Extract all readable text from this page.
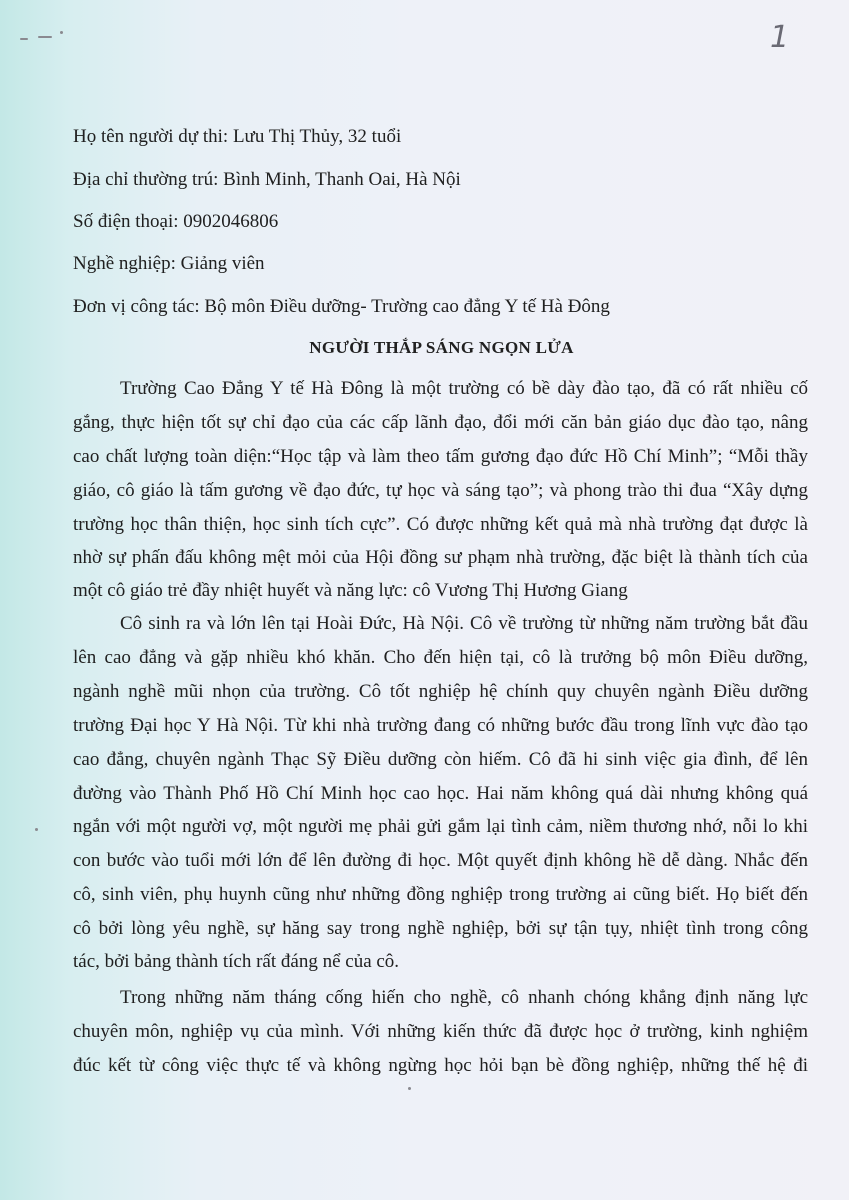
1
Họ tên người dự thi: Lưu Thị Thủy, 32 tuổi
Địa chỉ thường trú: Bình Minh, Thanh Oai, Hà Nội
Số điện thoại: 0902046806
Nghề nghiệp: Giảng viên
Đơn vị công tác: Bộ môn Điều dưỡng- Trường cao đẳng Y tế Hà Đông
NGƯỜI THẮP SÁNG NGỌN LỬA
Trường Cao Đẳng Y tế Hà Đông là một trường có bề dày đào tạo, đã có rất nhiều cố
gắng, thực hiện tốt sự chỉ đạo của các cấp lãnh đạo, đổi mới căn bản giáo dục đào tạo, nâng
cao chất lượng toàn diện:“Học tập và làm theo tấm gương đạo đức Hồ Chí Minh”; “Mỗi thầy
giáo, cô giáo là tấm gương về đạo đức, tự học và sáng tạo”; và phong trào thi đua “Xây dựng
trường học thân thiện, học sinh tích cực”. Có được những kết quả mà nhà trường đạt được là
nhờ sự phấn đấu không mệt mỏi của Hội đồng sư phạm nhà trường, đặc biệt là thành tích của
một cô giáo trẻ đầy nhiệt huyết và năng lực: cô Vương Thị Hương Giang
Cô sinh ra và lớn lên tại Hoài Đức, Hà Nội. Cô về trường từ những năm trường bắt đầu
lên cao đẳng và gặp nhiều khó khăn. Cho đến hiện tại, cô là trưởng bộ môn Điều dưỡng,
ngành nghề mũi nhọn của trường. Cô tốt nghiệp hệ chính quy chuyên ngành Điều dưỡng
trường Đại học Y Hà Nội. Từ khi nhà trường đang có những bước đầu trong lĩnh vực đào tạo
cao đẳng, chuyên ngành Thạc Sỹ Điều dưỡng còn hiếm. Cô đã hi sinh việc gia đình, để lên
đường vào Thành Phố Hồ Chí Minh học cao học. Hai năm không quá dài nhưng không quá
ngắn với một người vợ, một người mẹ phải gửi gắm lại tình cảm, niềm thương nhớ, nỗi lo khi
con bước vào tuổi mới lớn để lên đường đi học. Một quyết định không hề dễ dàng. Nhắc đến
cô, sinh viên, phụ huynh cũng như những đồng nghiệp trong trường ai cũng biết. Họ biết đến
cô bởi lòng yêu nghề, sự hăng say trong nghề nghiệp, bởi sự tận tụy, nhiệt tình trong công
tác, bởi bảng thành tích rất đáng nể của cô.
Trong những năm tháng cống hiến cho nghề, cô nhanh chóng khẳng định năng lực
chuyên môn, nghiệp vụ của mình. Với những kiến thức đã được học ở trường, kinh nghiệm
đúc kết từ công việc thực tế và không ngừng học hỏi bạn bè đồng nghiệp, những thế hệ đi
